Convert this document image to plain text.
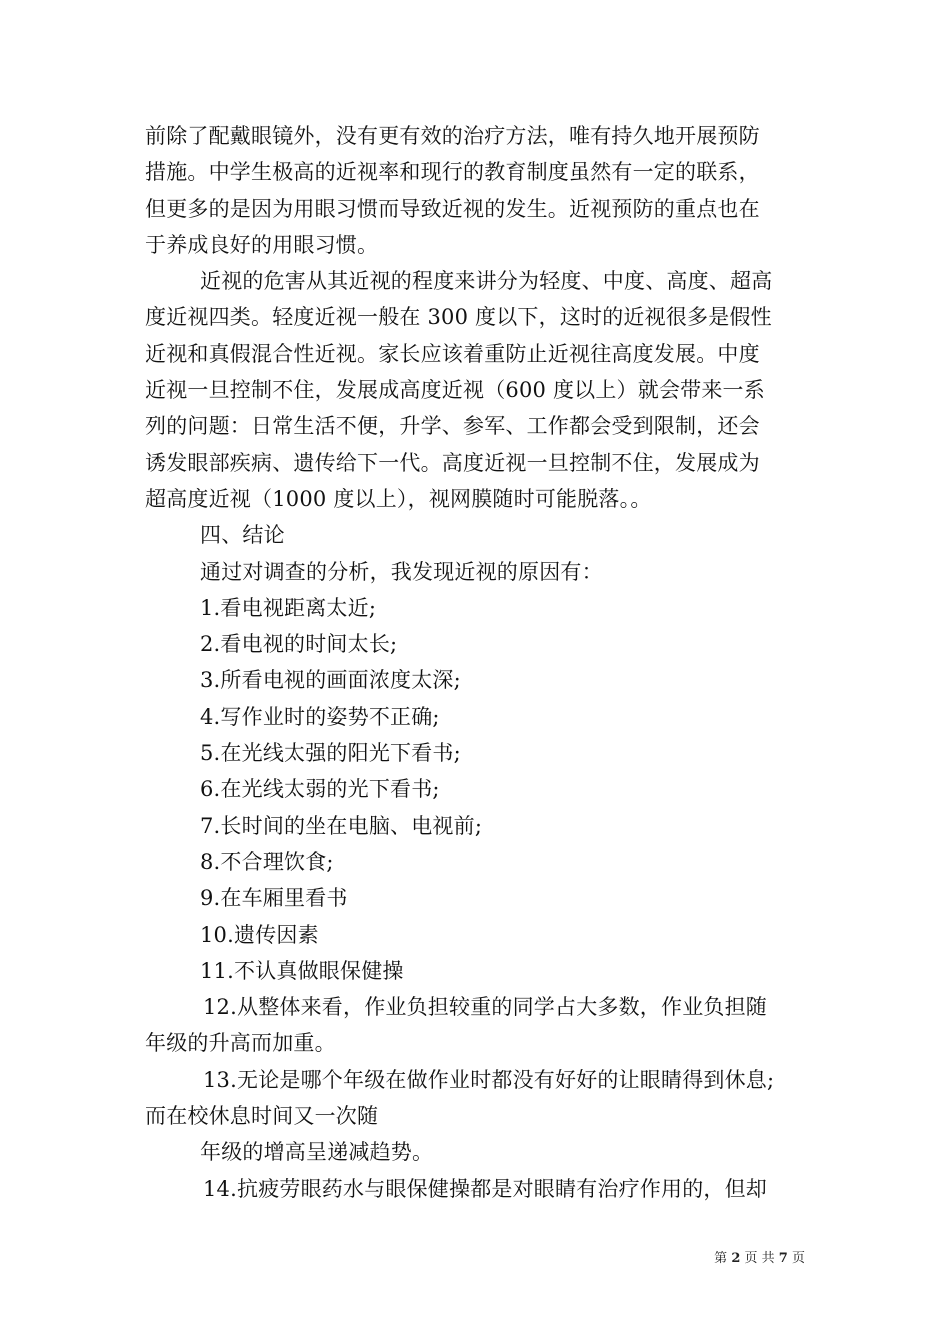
前除了配戴眼镜外，没有更有效的治疗方法，唯有持久地开展预防
措施。中学生极高的近视率和现行的教育制度虽然有一定的联系，
但更多的是因为用眼习惯而导致近视的发生。近视预防的重点也在
于养成良好的用眼习惯。
近视的危害从其近视的程度来讲分为轻度、中度、高度、超高
度近视四类。轻度近视一般在 300 度以下，这时的近视很多是假性
近视和真假混合性近视。家长应该着重防止近视往高度发展。中度
近视一旦控制不住，发展成高度近视（600 度以上）就会带来一系
列的问题：日常生活不便，升学、参军、工作都会受到限制，还会
诱发眼部疾病、遗传给下一代。高度近视一旦控制不住，发展成为
超高度近视（1000 度以上），视网膜随时可能脱落。。
四、结论
通过对调查的分析，我发现近视的原因有：
1.看电视距离太近;
2.看电视的时间太长;
3.所看电视的画面浓度太深;
4.写作业时的姿势不正确;
5.在光线太强的阳光下看书;
6.在光线太弱的光下看书;
7.长时间的坐在电脑、电视前;
8.不合理饮食;
9.在车厢里看书
10.遗传因素
11.不认真做眼保健操
12.从整体来看，作业负担较重的同学占大多数，作业负担随
年级的升高而加重。
13.无论是哪个年级在做作业时都没有好好的让眼睛得到休息;
而在校休息时间又一次随
年级的增高呈递减趋势。
14.抗疲劳眼药水与眼保健操都是对眼睛有治疗作用的，但却
第 2 页 共 7 页
